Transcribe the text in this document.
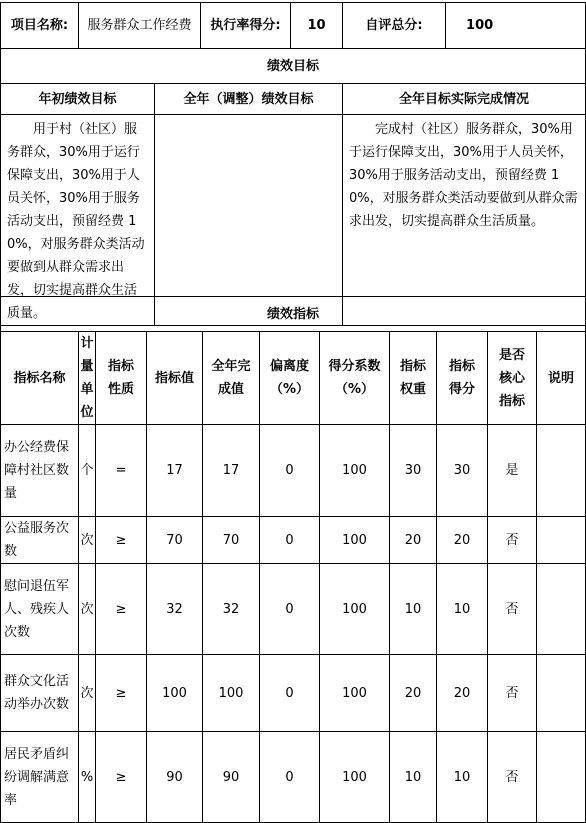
项目名称:	服务群众工作经费		执行率得分:	10	自评总分:	100
绩效目标						
年初绩效目标		全年（调整）绩效目标			全年目标实际完成情况	
用于村（社区）服务群众，30%用于运行保障支出，30%用于人员关怀，30%用于服务活动支出，预留经费 10%，对服务群众类活动要做到从群众需求出发，切实提高群众生活质量。					完成村（社区）服务群众，30%用于运行保障支出，30%用于人员关怀，30%用于服务活动支出，预留经费 10%，对服务群众类活动要做到从群众需求出发，切实提高群众生活质量。	
绩效指标										
指标名称	计量单位	指标性质	指标值	全年完成值	偏离度（%）	得分系数（%）	指标权重	指标得分	是否核心指标	说明
办公经费保障村社区数量	个	=	17	17	0	100	30	30	是	
公益服务次数	次	≥	70	70	0	100	20	20	否	
慰问退伍军人、残疾人次数	次	≥	32	32	0	100	10	10	否	
群众文化活动举办次数	次	≥	100	100	0	100	20	20	否	
居民矛盾纠纷调解满意率	%	≥	90	90	0	100	10	10	否	
